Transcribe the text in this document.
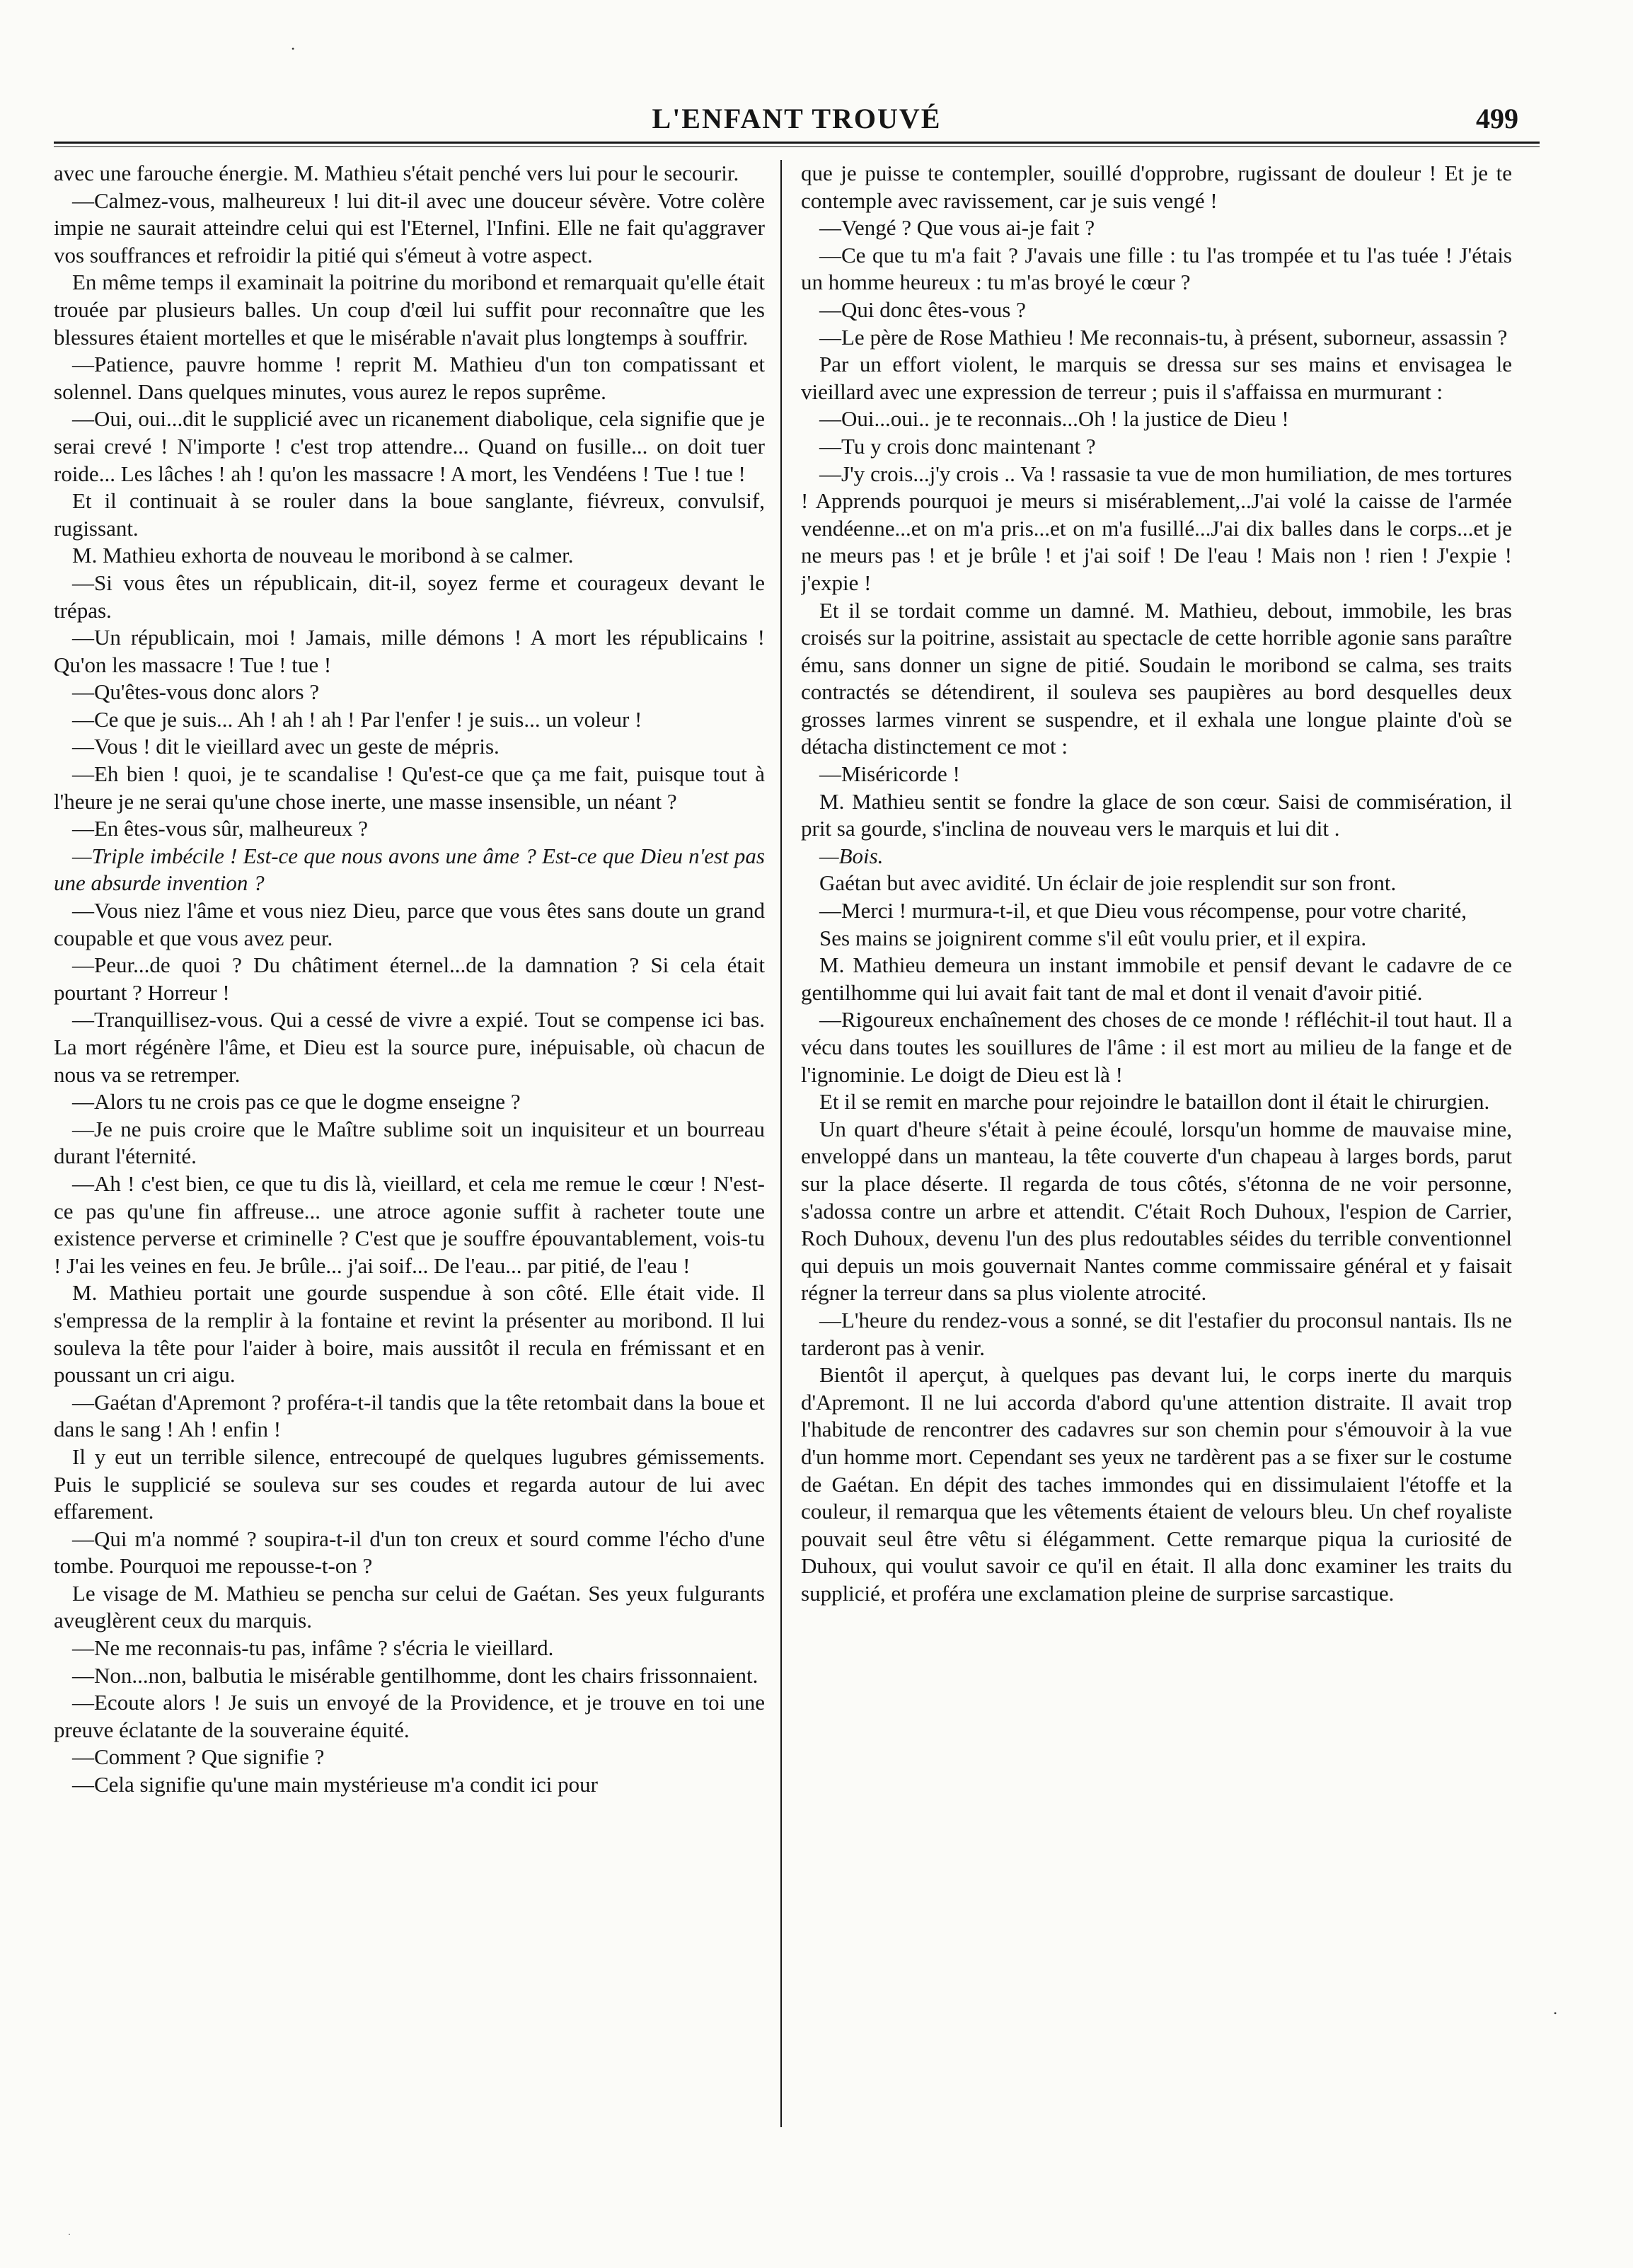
•
L'ENFANT TROUVÉ	499

avec une farouche énergie. M. Mathieu s'était penché vers lui pour le secourir.

—Calmez-vous, malheureux ! lui dit-il avec une douceur sévère. Votre colère impie ne saurait atteindre celui qui est l'Eternel, l'Infini. Elle ne fait qu'aggraver vos souffrances et refroidir la pitié qui s'émeut à votre aspect.

En même temps il examinait la poitrine du moribond et remarquait qu'elle était trouée par plusieurs balles. Un coup d'œil lui suffit pour reconnaître que les blessures étaient mortelles et que le misérable n'avait plus longtemps à souffrir.

—Patience, pauvre homme ! reprit M. Mathieu d'un ton compatissant et solennel. Dans quelques minutes, vous aurez le repos suprême.

—Oui, oui...dit le supplicié avec un ricanement diabolique, cela signifie que je serai crevé ! N'importe ! c'est trop attendre... Quand on fusille... on doit tuer roide... Les lâches ! ah ! qu'on les massacre ! A mort, les Vendéens ! Tue ! tue !

Et il continuait à se rouler dans la boue sanglante, fiévreux, convulsif, rugissant.

M. Mathieu exhorta de nouveau le moribond à se calmer.

—Si vous êtes un républicain, dit-il, soyez ferme et courageux devant le trépas.

—Un républicain, moi ! Jamais, mille démons ! A mort les républicains ! Qu'on les massacre ! Tue ! tue !

—Qu'êtes-vous donc alors ?

—Ce que je suis... Ah ! ah ! ah ! Par l'enfer ! je suis... un voleur !

—Vous ! dit le vieillard avec un geste de mépris.

—Eh bien ! quoi, je te scandalise ! Qu'est-ce que ça me fait, puisque tout à l'heure je ne serai qu'une chose inerte, une masse insensible, un néant ?

—En êtes-vous sûr, malheureux ?

—Triple imbécile ! Est-ce que nous avons une âme ? Est-ce que Dieu n'est pas une absurde invention ?

—Vous niez l'âme et vous niez Dieu, parce que vous êtes sans doute un grand coupable et que vous avez peur.

—Peur...de quoi ? Du châtiment éternel...de la damnation ? Si cela était pourtant ? Horreur !

—Tranquillisez-vous. Qui a cessé de vivre a expié. Tout se compense ici bas. La mort régénère l'âme, et Dieu est la source pure, inépuisable, où chacun de nous va se retremper.

—Alors tu ne crois pas ce que le dogme enseigne ?

—Je ne puis croire que le Maître sublime soit un inquisiteur et un bourreau durant l'éternité.

—Ah ! c'est bien, ce que tu dis là, vieillard, et cela me remue le cœur ! N'est-ce pas qu'une fin affreuse... une atroce agonie suffit à racheter toute une existence perverse et criminelle ? C'est que je souffre épouvantablement, vois-tu ! J'ai les veines en feu. Je brûle... j'ai soif... De l'eau... par pitié, de l'eau !

M. Mathieu portait une gourde suspendue à son côté. Elle était vide. Il s'empressa de la remplir à la fontaine et revint la présenter au moribond. Il lui souleva la tête pour l'aider à boire, mais aussitôt il recula en frémissant et en poussant un cri aigu.

—Gaétan d'Apremont ? proféra-t-il tandis que la tête retombait dans la boue et dans le sang ! Ah ! enfin !

Il y eut un terrible silence, entrecoupé de quelques lugubres gémissements. Puis le supplicié se souleva sur ses coudes et regarda autour de lui avec effarement.

—Qui m'a nommé ? soupira-t-il d'un ton creux et sourd comme l'écho d'une tombe. Pourquoi me repousse-t-on ?

Le visage de M. Mathieu se pencha sur celui de Gaétan. Ses yeux fulgurants aveuglèrent ceux du marquis.

—Ne me reconnais-tu pas, infâme ? s'écria le vieillard.

—Non...non, balbutia le misérable gentilhomme, dont les chairs frissonnaient.

—Ecoute alors ! Je suis un envoyé de la Providence, et je trouve en toi une preuve éclatante de la souveraine équité.

—Comment ? Que signifie ?

—Cela signifie qu'une main mystérieuse m'a condit ici pour

que je puisse te contempler, souillé d'opprobre, rugissant de douleur ! Et je te contemple avec ravissement, car je suis vengé !

—Vengé ? Que vous ai-je fait ?

—Ce que tu m'a fait ? J'avais une fille : tu l'as trompée et tu l'as tuée ! J'étais un homme heureux : tu m'as broyé le cœur ?

—Qui donc êtes-vous ?

—Le père de Rose Mathieu ! Me reconnais-tu, à présent, suborneur, assassin ?

Par un effort violent, le marquis se dressa sur ses mains et envisagea le vieillard avec une expression de terreur ; puis il s'affaissa en murmurant :

—Oui...oui.. je te reconnais...Oh ! la justice de Dieu !

—Tu y crois donc maintenant ?

—J'y crois...j'y crois .. Va ! rassasie ta vue de mon humiliation, de mes tortures ! Apprends pourquoi je meurs si misérablement,..J'ai volé la caisse de l'armée vendéenne...et on m'a pris...et on m'a fusillé...J'ai dix balles dans le corps...et je ne meurs pas ! et je brûle ! et j'ai soif ! De l'eau ! Mais non ! rien ! J'expie ! j'expie !

Et il se tordait comme un damné. M. Mathieu, debout, immobile, les bras croisés sur la poitrine, assistait au spectacle de cette horrible agonie sans paraître ému, sans donner un signe de pitié. Soudain le moribond se calma, ses traits contractés se détendirent, il souleva ses paupières au bord desquelles deux grosses larmes vinrent se suspendre, et il exhala une longue plainte d'où se détacha distinctement ce mot :

—Miséricorde !

M. Mathieu sentit se fondre la glace de son cœur. Saisi de commisération, il prit sa gourde, s'inclina de nouveau vers le marquis et lui dit .

—Bois.

Gaétan but avec avidité. Un éclair de joie resplendit sur son front.

—Merci ! murmura-t-il, et que Dieu vous récompense, pour votre charité,

Ses mains se joignirent comme s'il eût voulu prier, et il expira.

M. Mathieu demeura un instant immobile et pensif devant le cadavre de ce gentilhomme qui lui avait fait tant de mal et dont il venait d'avoir pitié.

—Rigoureux enchaînement des choses de ce monde ! réfléchit-il tout haut. Il a vécu dans toutes les souillures de l'âme : il est mort au milieu de la fange et de l'ignominie. Le doigt de Dieu est là !

Et il se remit en marche pour rejoindre le bataillon dont il était le chirurgien.

Un quart d'heure s'était à peine écoulé, lorsqu'un homme de mauvaise mine, enveloppé dans un manteau, la tête couverte d'un chapeau à larges bords, parut sur la place déserte. Il regarda de tous côtés, s'étonna de ne voir personne, s'adossa contre un arbre et attendit. C'était Roch Duhoux, l'espion de Carrier, Roch Duhoux, devenu l'un des plus redoutables séides du terrible conventionnel qui depuis un mois gouvernait Nantes comme commissaire général et y faisait régner la terreur dans sa plus violente atrocité.

—L'heure du rendez-vous a sonné, se dit l'estafier du proconsul nantais. Ils ne tarderont pas à venir.

Bientôt il aperçut, à quelques pas devant lui, le corps inerte du marquis d'Apremont. Il ne lui accorda d'abord qu'une attention distraite. Il avait trop l'habitude de rencontrer des cadavres sur son chemin pour s'émouvoir à la vue d'un homme mort. Cependant ses yeux ne tardèrent pas a se fixer sur le costume de Gaétan. En dépit des taches immondes qui en dissimulaient l'étoffe et la couleur, il remarqua que les vêtements étaient de velours bleu. Un chef royaliste pouvait seul être vêtu si élégamment. Cette remarque piqua la curiosité de Duhoux, qui voulut savoir ce qu'il en était. Il alla donc examiner les traits du supplicié, et proféra une exclamation pleine de surprise sarcastique.

•
·
